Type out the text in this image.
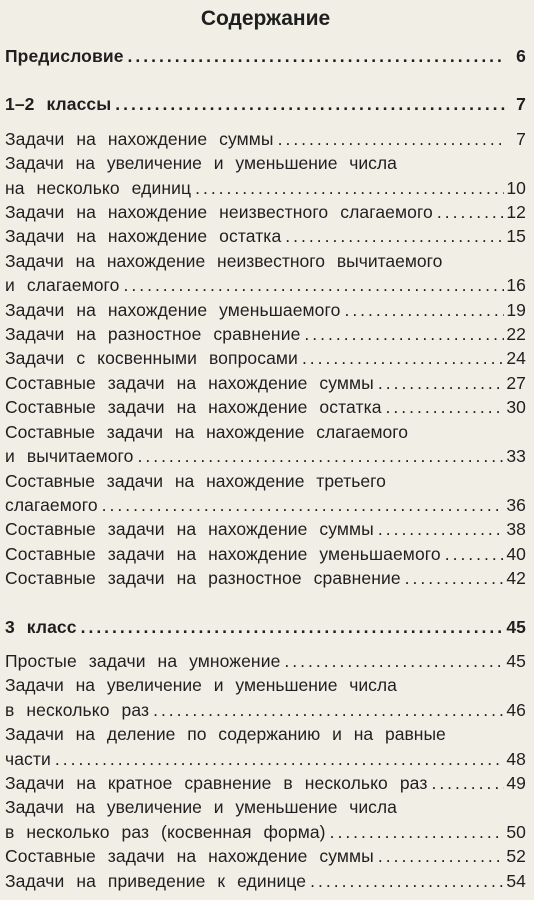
Содержание
Предисловие .....	6
1–2 классы .....	7
Задачи на нахождение суммы .....	7
Задачи на увеличение и уменьшение числа
на несколько единиц .....	10
Задачи на нахождение неизвестного слагаемого .....	12
Задачи на нахождение остатка .....	15
Задачи на нахождение неизвестного вычитаемого
и слагаемого .....	16
Задачи на нахождение уменьшаемого .....	19
Задачи на разностное сравнение .....	22
Задачи с косвенными вопросами .....	24
Составные задачи на нахождение суммы .....	27
Составные задачи на нахождение остатка .....	30
Составные задачи на нахождение слагаемого
и вычитаемого .....	33
Составные задачи на нахождение третьего
слагаемого .....	36
Составные задачи на нахождение суммы .....	38
Составные задачи на нахождение уменьшаемого .....	40
Составные задачи на разностное сравнение .....	42
3 класс .....	45
Простые задачи на умножение .....	45
Задачи на увеличение и уменьшение числа
в несколько раз .....	46
Задачи на деление по содержанию и на равные
части .....	48
Задачи на кратное сравнение в несколько раз .....	49
Задачи на увеличение и уменьшение числа
в несколько раз (косвенная форма) .....	50
Составные задачи на нахождение суммы .....	52
Задачи на приведение к единице .....	54
